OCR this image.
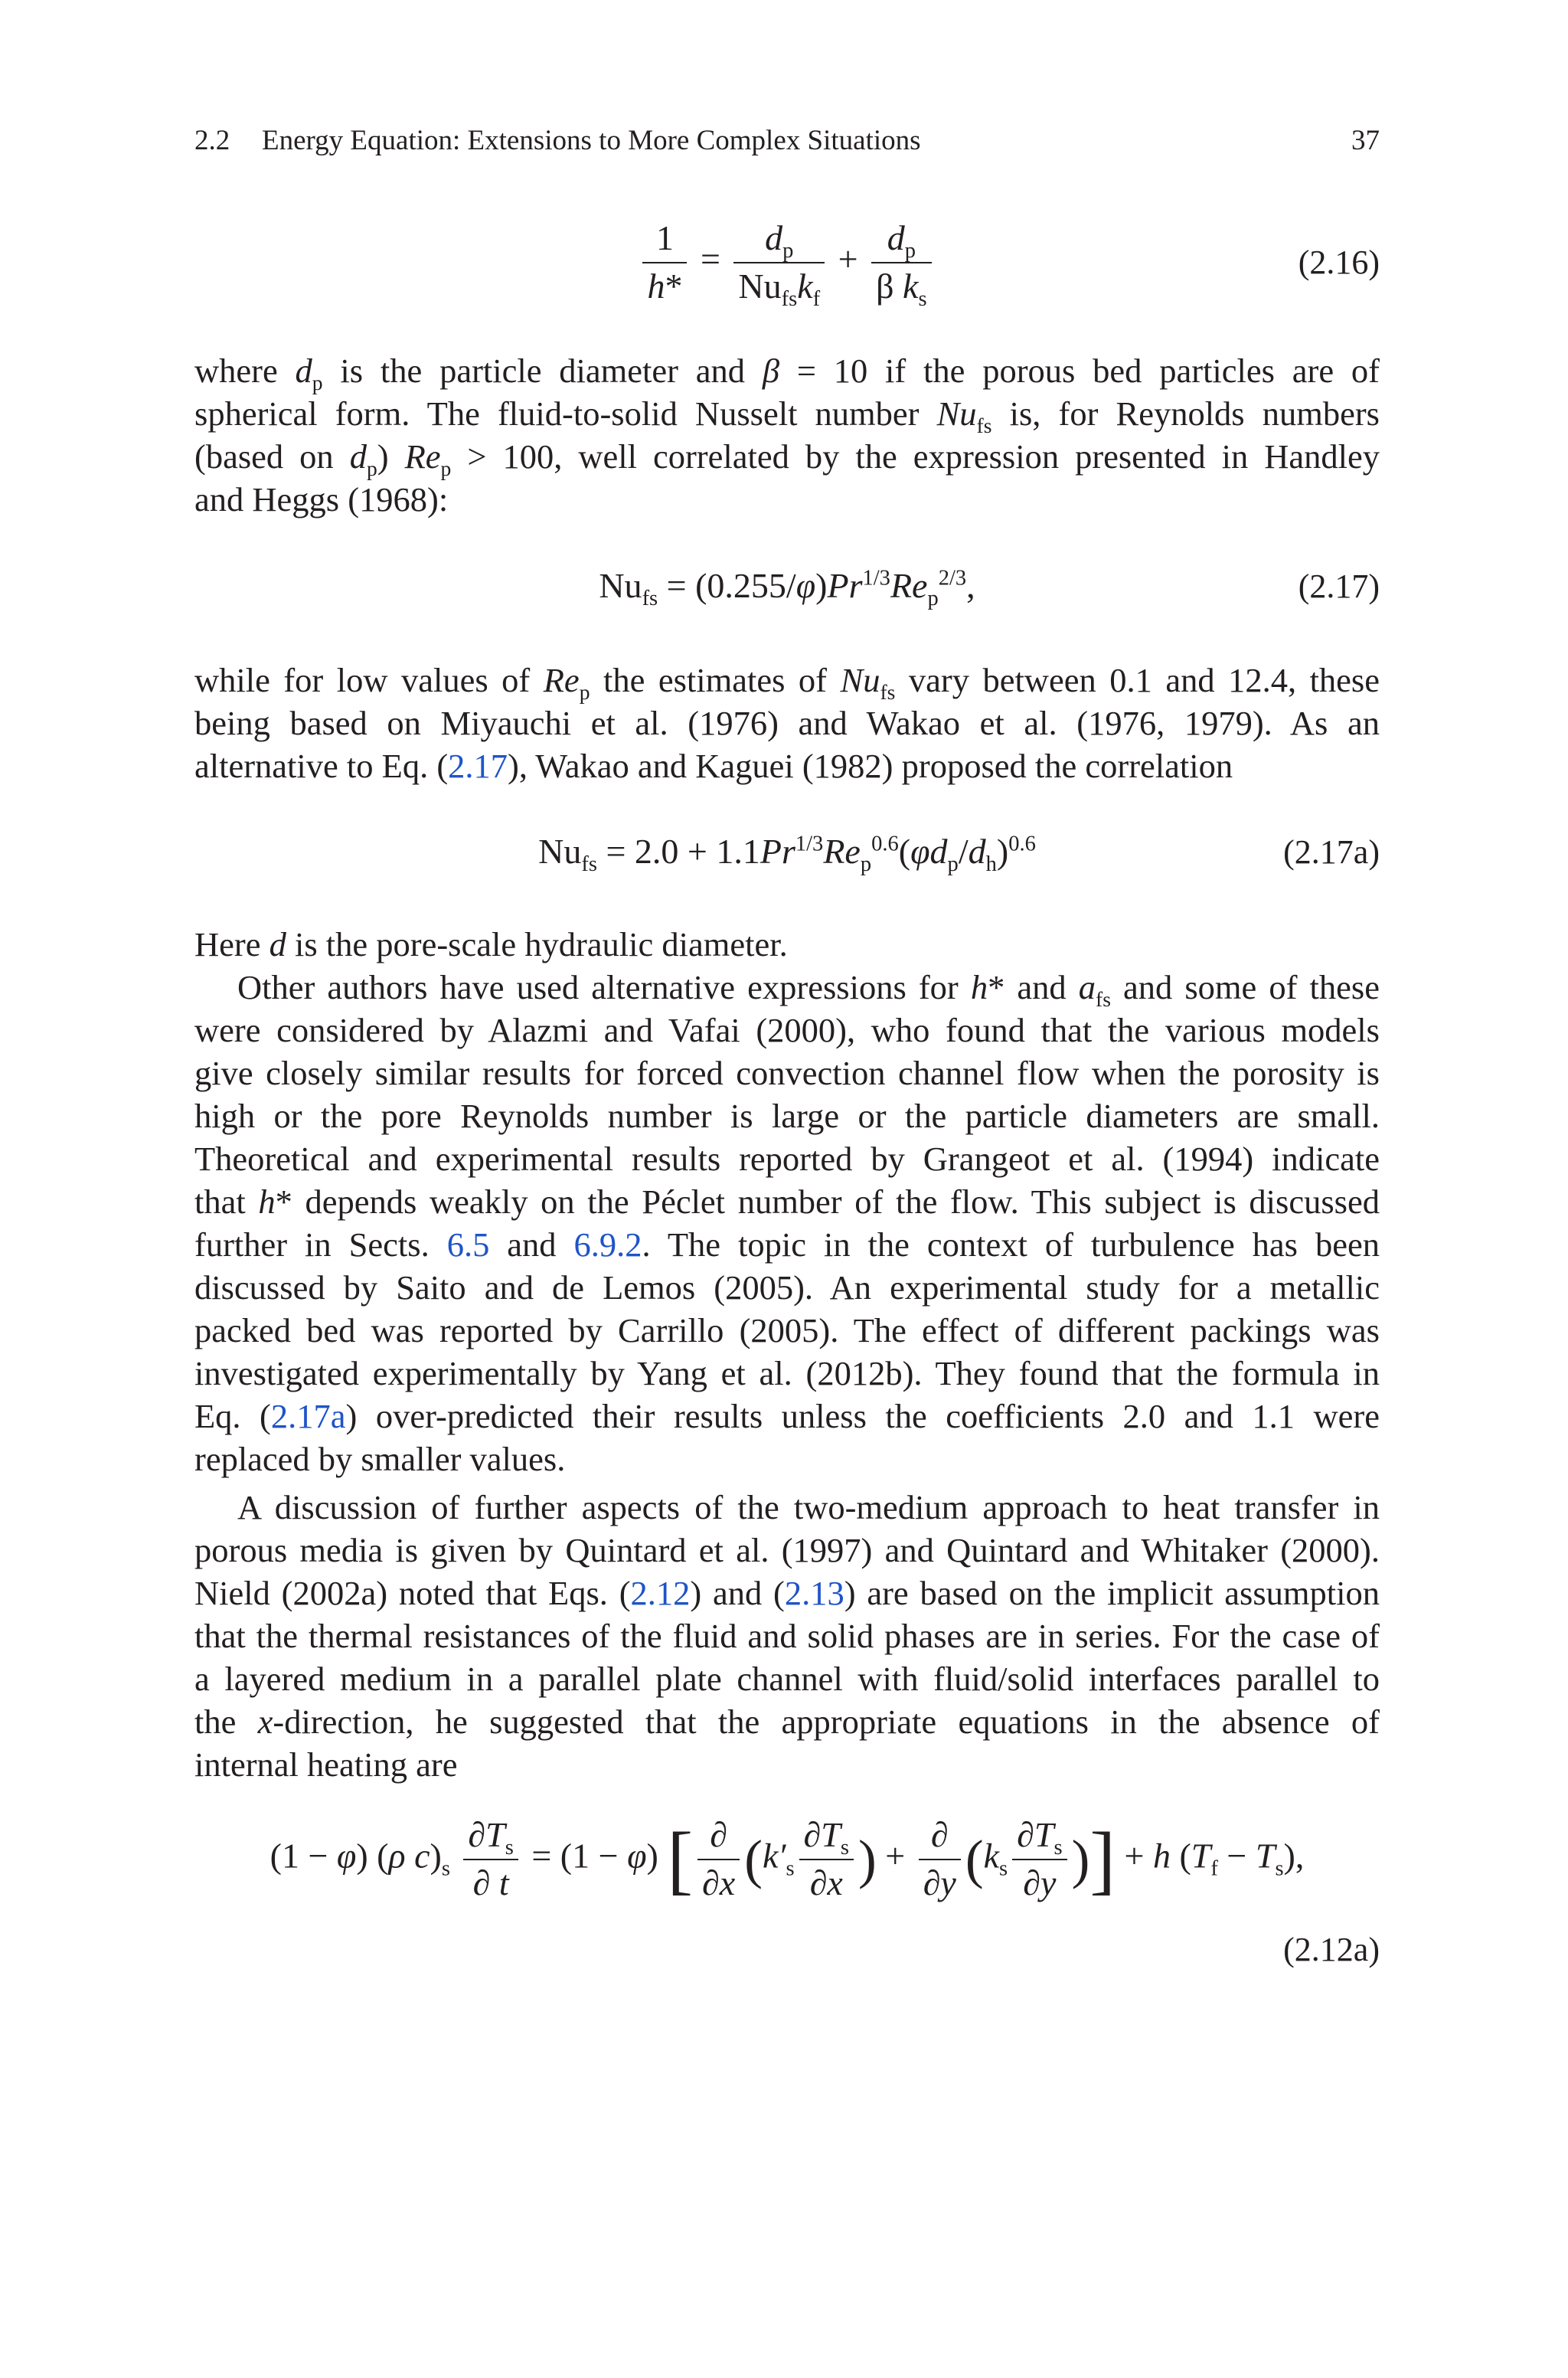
2.2 Energy Equation: Extensions to More Complex Situations	37
$\frac{1}{h*} = \frac{d_p}{Nu_{fs}k_f} + \frac{d_p}{\beta k_s}$	(2.16)
where $d_p$ is the particle diameter and β = 10 if the porous bed particles are of
spherical form. The fluid-to-solid Nusselt number $Nu_{fs}$ is, for Reynolds numbers
(based on $d_p$) $Re_p > 100$, well correlated by the expression presented in Handley
and Heggs (1968):
$Nu_{fs} = (0.255/\varphi)Pr^{1/3}Re_p^{2/3}$,	(2.17)
while for low values of $Re_p$ the estimates of $Nu_{fs}$ vary between 0.1 and 12.4, these
being based on Miyauchi et al. (1976) and Wakao et al. (1976, 1979). As an
alternative to Eq. (2.17), Wakao and Kaguei (1982) proposed the correlation
$Nu_{fs} = 2.0 + 1.1Pr^{1/3}Re_p^{0.6}(\varphi d_p/d_h)^{0.6}$	(2.17a)
Here d is the pore-scale hydraulic diameter.
Other authors have used alternative expressions for h* and $a_{fs}$ and some of these
were considered by Alazmi and Vafai (2000), who found that the various models
give closely similar results for forced convection channel flow when the porosity is
high or the pore Reynolds number is large or the particle diameters are small.
Theoretical and experimental results reported by Grangeot et al. (1994) indicate
that h* depends weakly on the Péclet number of the flow. This subject is discussed
further in Sects. 6.5 and 6.9.2. The topic in the context of turbulence has been
discussed by Saito and de Lemos (2005). An experimental study for a metallic
packed bed was reported by Carrillo (2005). The effect of different packings was
investigated experimentally by Yang et al. (2012b). They found that the formula in
Eq. (2.17a) over-predicted their results unless the coefficients 2.0 and 1.1 were
replaced by smaller values.
A discussion of further aspects of the two-medium approach to heat transfer in
porous media is given by Quintard et al. (1997) and Quintard and Whitaker (2000).
Nield (2002a) noted that Eqs. (2.12) and (2.13) are based on the implicit assumption
that the thermal resistances of the fluid and solid phases are in series. For the case of
a layered medium in a parallel plate channel with fluid/solid interfaces parallel to
the x-direction, he suggested that the appropriate equations in the absence of
internal heating are
(1 − φ) (ρ $c)_s \frac{\partial T_s}{\partial t} = (1 - \varphi)$ [ $\frac{\partial}{\partial x} (k'_s \frac{\partial T_s}{\partial x}$ ) + $\frac{\partial}{\partial y} (k_s \frac{\partial T_s}{\partial y}$ )] + h $(T_f - T_s)$,
(2.12a)
